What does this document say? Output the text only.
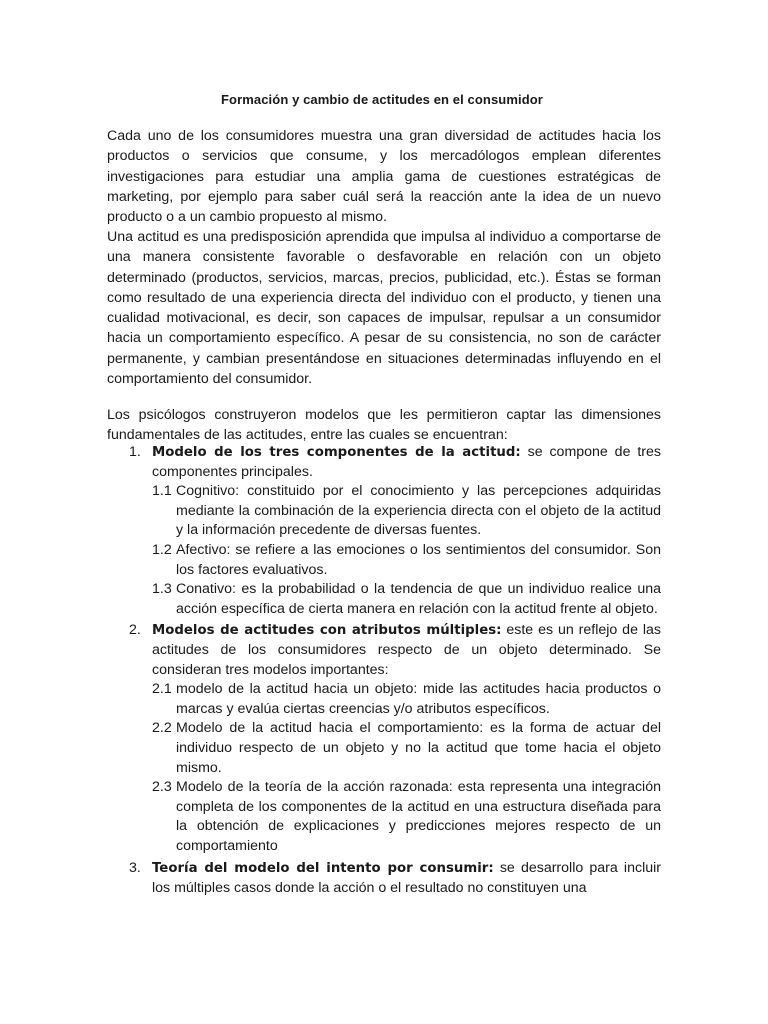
Formación y cambio de actitudes en el consumidor

Cada uno de los consumidores muestra una gran diversidad de actitudes hacia los productos o servicios que consume, y los mercadólogos emplean diferentes investigaciones para estudiar una amplia gama de cuestiones estratégicas de marketing, por ejemplo para saber cuál será la reacción ante la idea de un nuevo producto o a un cambio propuesto al mismo.

Una actitud es una predisposición aprendida que impulsa al individuo a comportarse de una manera consistente favorable o desfavorable en relación con un objeto determinado (productos, servicios, marcas, precios, publicidad, etc.). Éstas se forman como resultado de una experiencia directa del individuo con el producto, y tienen una cualidad motivacional, es decir, son capaces de impulsar, repulsar a un consumidor hacia un comportamiento específico. A pesar de su consistencia, no son de carácter permanente, y cambian presentándose en situaciones determinadas influyendo en el comportamiento del consumidor.

Los psicólogos construyeron modelos que les permitieron captar las dimensiones fundamentales de las actitudes, entre las cuales se encuentran:

1. Modelo de los tres componentes de la actitud: se compone de tres componentes principales.
1.1 Cognitivo: constituido por el conocimiento y las percepciones adquiridas mediante la combinación de la experiencia directa con el objeto de la actitud y la información precedente de diversas fuentes.
1.2 Afectivo: se refiere a las emociones o los sentimientos del consumidor. Son los factores evaluativos.
1.3 Conativo: es la probabilidad o la tendencia de que un individuo realice una acción específica de cierta manera en relación con la actitud frente al objeto.
2. Modelos de actitudes con atributos múltiples: este es un reflejo de las actitudes de los consumidores respecto de un objeto determinado. Se consideran tres modelos importantes:
2.1 modelo de la actitud hacia un objeto: mide las actitudes hacia productos o marcas y evalúa ciertas creencias y/o atributos específicos.
2.2 Modelo de la actitud hacia el comportamiento: es la forma de actuar del individuo respecto de un objeto y no la actitud que tome hacia el objeto mismo.
2.3 Modelo de la teoría de la acción razonada: esta representa una integración completa de los componentes de la actitud en una estructura diseñada para la obtención de explicaciones y predicciones mejores respecto de un comportamiento
3. Teoría del modelo del intento por consumir: se desarrollo para incluir los múltiples casos donde la acción o el resultado no constituyen una
